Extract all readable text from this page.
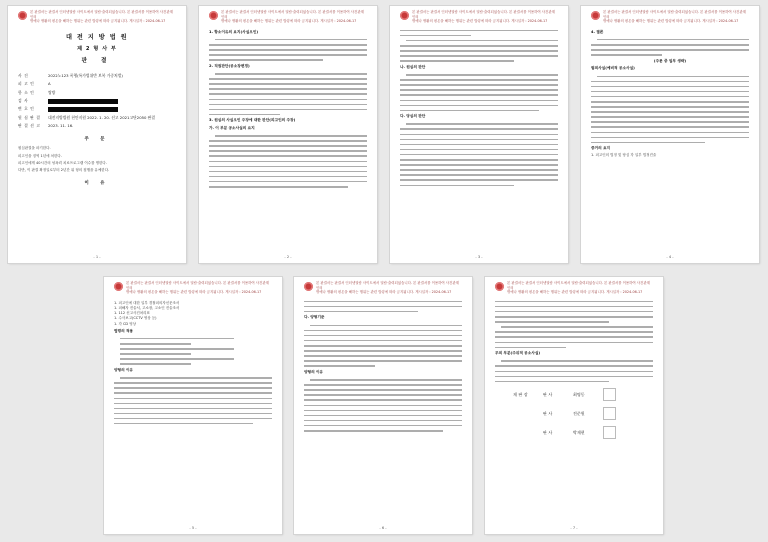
본 판결서는 판결서 인터넷열람 사이트에서 열람·출력되었습니다. 본 판결서를 이용하여 사건관계인의
명예나 생활의 평온을 해하는 행위는 관련 법령에 따라 금지됩니다. 게시일자 : 2024-06-17
대 전 지 방 법 원
제 2 형 사 부
판 결
사 건	2022노123 폭행(특가법위반 보복 가중처벌)
피 고 인	A
항 소 인	쌍방
검 사	
변 호 인	
원 심 판 결	대전지방법원 천안지원 2022. 1. 20. 선고 2021고단2050 판결
판 결 선 고	2023. 11. 16.
주 문
원심판결을 파기한다.
피고인을 징역 1년에 처한다.
피고인에게 40시간의 성폭력 치료프로그램 이수를 명한다.
다만, 이 판결 확정일로부터 2년간 위 형의 집행을 유예한다.
이 유
- 1 -
본 판결서는 판결서 인터넷열람 사이트에서 열람·출력되었습니다. 본 판결서를 이용하여 사건관계인의
명예나 생활의 평온을 해하는 행위는 관련 법령에 따라 금지됩니다. 게시일자 : 2024-06-17
1. 항소이유의 요지(사실오인)
2. 직권판단(공소장변경)
3. 원심의 사실오인 주장에 대한 판단(피고인의 주장)
가. 이 부분 공소사실의 요지
- 2 -
본 판결서는 판결서 인터넷열람 사이트에서 열람·출력되었습니다. 본 판결서를 이용하여 사건관계인의
명예나 생활의 평온을 해하는 행위는 관련 법령에 따라 금지됩니다. 게시일자 : 2024-06-17
나. 원심의 판단
다. 당심의 판단
- 3 -
본 판결서는 판결서 인터넷열람 사이트에서 열람·출력되었습니다. 본 판결서를 이용하여 사건관계인의
명예나 생활의 평온을 해하는 행위는 관련 법령에 따라 금지됩니다. 게시일자 : 2024-06-17
4. 결론
(주문 중 일부 생략)
범죄사실(예비적 공소사실)
증거의 요지
1. 피고인의 법정 및 당심 각 일부 법정진술
- 4 -
본 판결서는 판결서 인터넷열람 사이트에서 열람·출력되었습니다. 본 판결서를 이용하여 사건관계인의
명예나 생활의 평온을 해하는 행위는 관련 법령에 따라 금지됩니다. 게시일자 : 2024-06-17
1. 피고인에 대한 일부 경찰피의자신문조서
1. 피해자 진술서, 고소장, 고소인 진술조서
1. 112 신고사건처리표
1. 수사보고(CCTV 영상 등)
1. 각 CD 영상
법령의 적용
양형의 이유
- 5 -
본 판결서는 판결서 인터넷열람 사이트에서 열람·출력되었습니다. 본 판결서를 이용하여 사건관계인의
명예나 생활의 평온을 해하는 행위는 관련 법령에 따라 금지됩니다. 게시일자 : 2024-06-17
다. 양형기준
양형의 이유
- 6 -
본 판결서는 판결서 인터넷열람 사이트에서 열람·출력되었습니다. 본 판결서를 이용하여 사건관계인의
명예나 생활의 평온을 해하는 행위는 관련 법령에 따라 금지됩니다. 게시일자 : 2024-06-17
무죄 부분(주위적 공소사실)
재판장	판사	최명동
판사	전준원
판사	박재현
- 7 -
